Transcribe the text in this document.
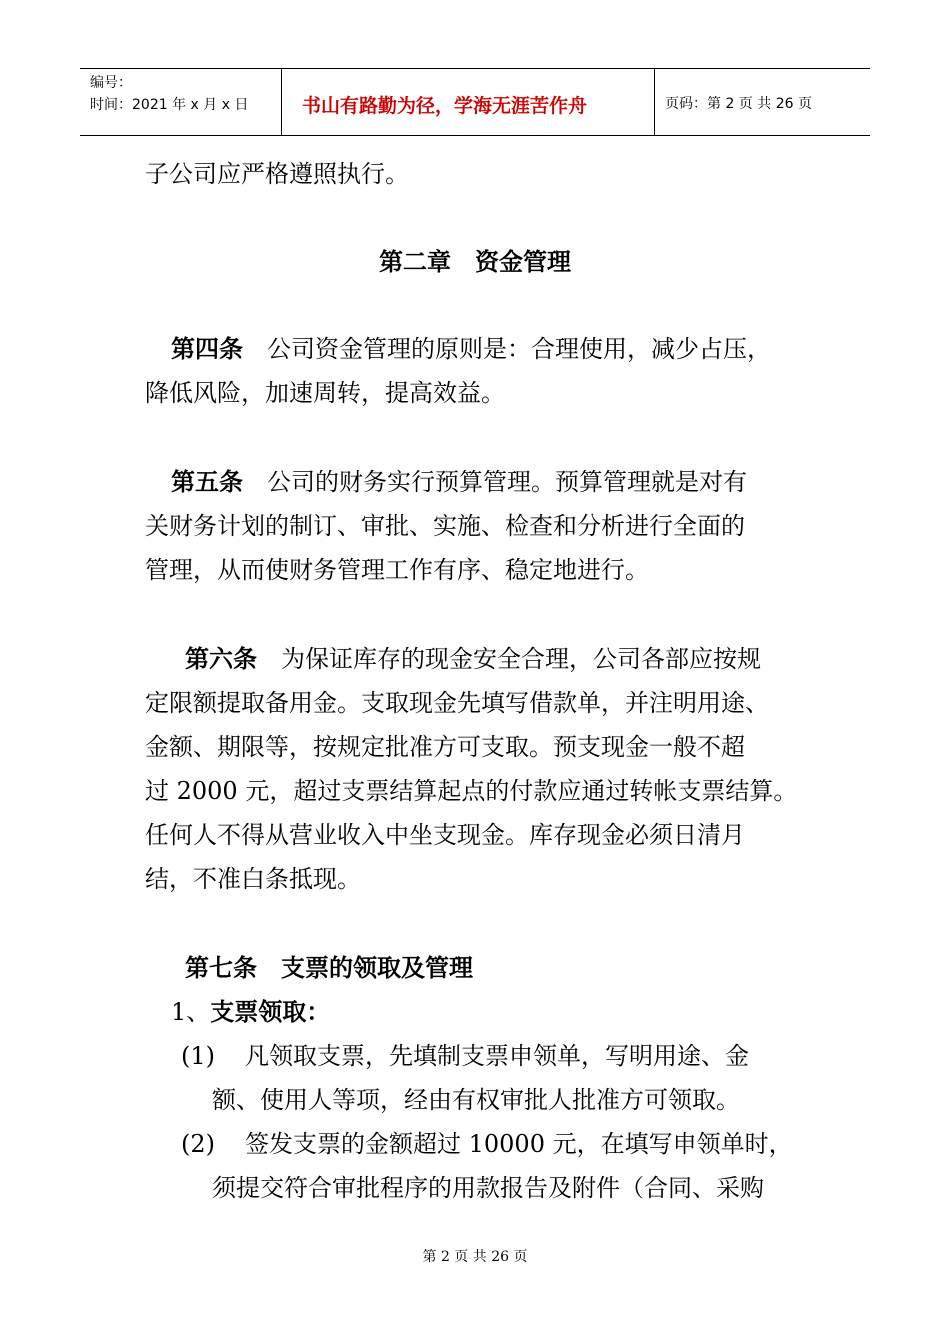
编号：
时间：2021 年 x 月 x 日	书山有路勤为径，学海无涯苦作舟	页码：第 2 页 共 26 页
子公司应严格遵照执行。
第二章　资金管理
第四条 公司资金管理的原则是：合理使用，减少占压，
降低风险，加速周转，提高效益。
第五条 公司的财务实行预算管理。预算管理就是对有
关财务计划的制订、审批、实施、检查和分析进行全面的
管理，从而使财务管理工作有序、稳定地进行。
第六条 为保证库存的现金安全合理，公司各部应按规
定限额提取备用金。支取现金先填写借款单，并注明用途、
金额、期限等，按规定批准方可支取。预支现金一般不超
过 2000 元，超过支票结算起点的付款应通过转帐支票结算。
任何人不得从营业收入中坐支现金。库存现金必须日清月
结，不准白条抵现。
第七条 支票的领取及管理
1、支票领取：
(1) 凡领取支票，先填制支票申领单，写明用途、金
额、使用人等项，经由有权审批人批准方可领取。
(2) 签发支票的金额超过 10000 元，在填写申领单时，
须提交符合审批程序的用款报告及附件（合同、采购
第 2 页 共 26 页
